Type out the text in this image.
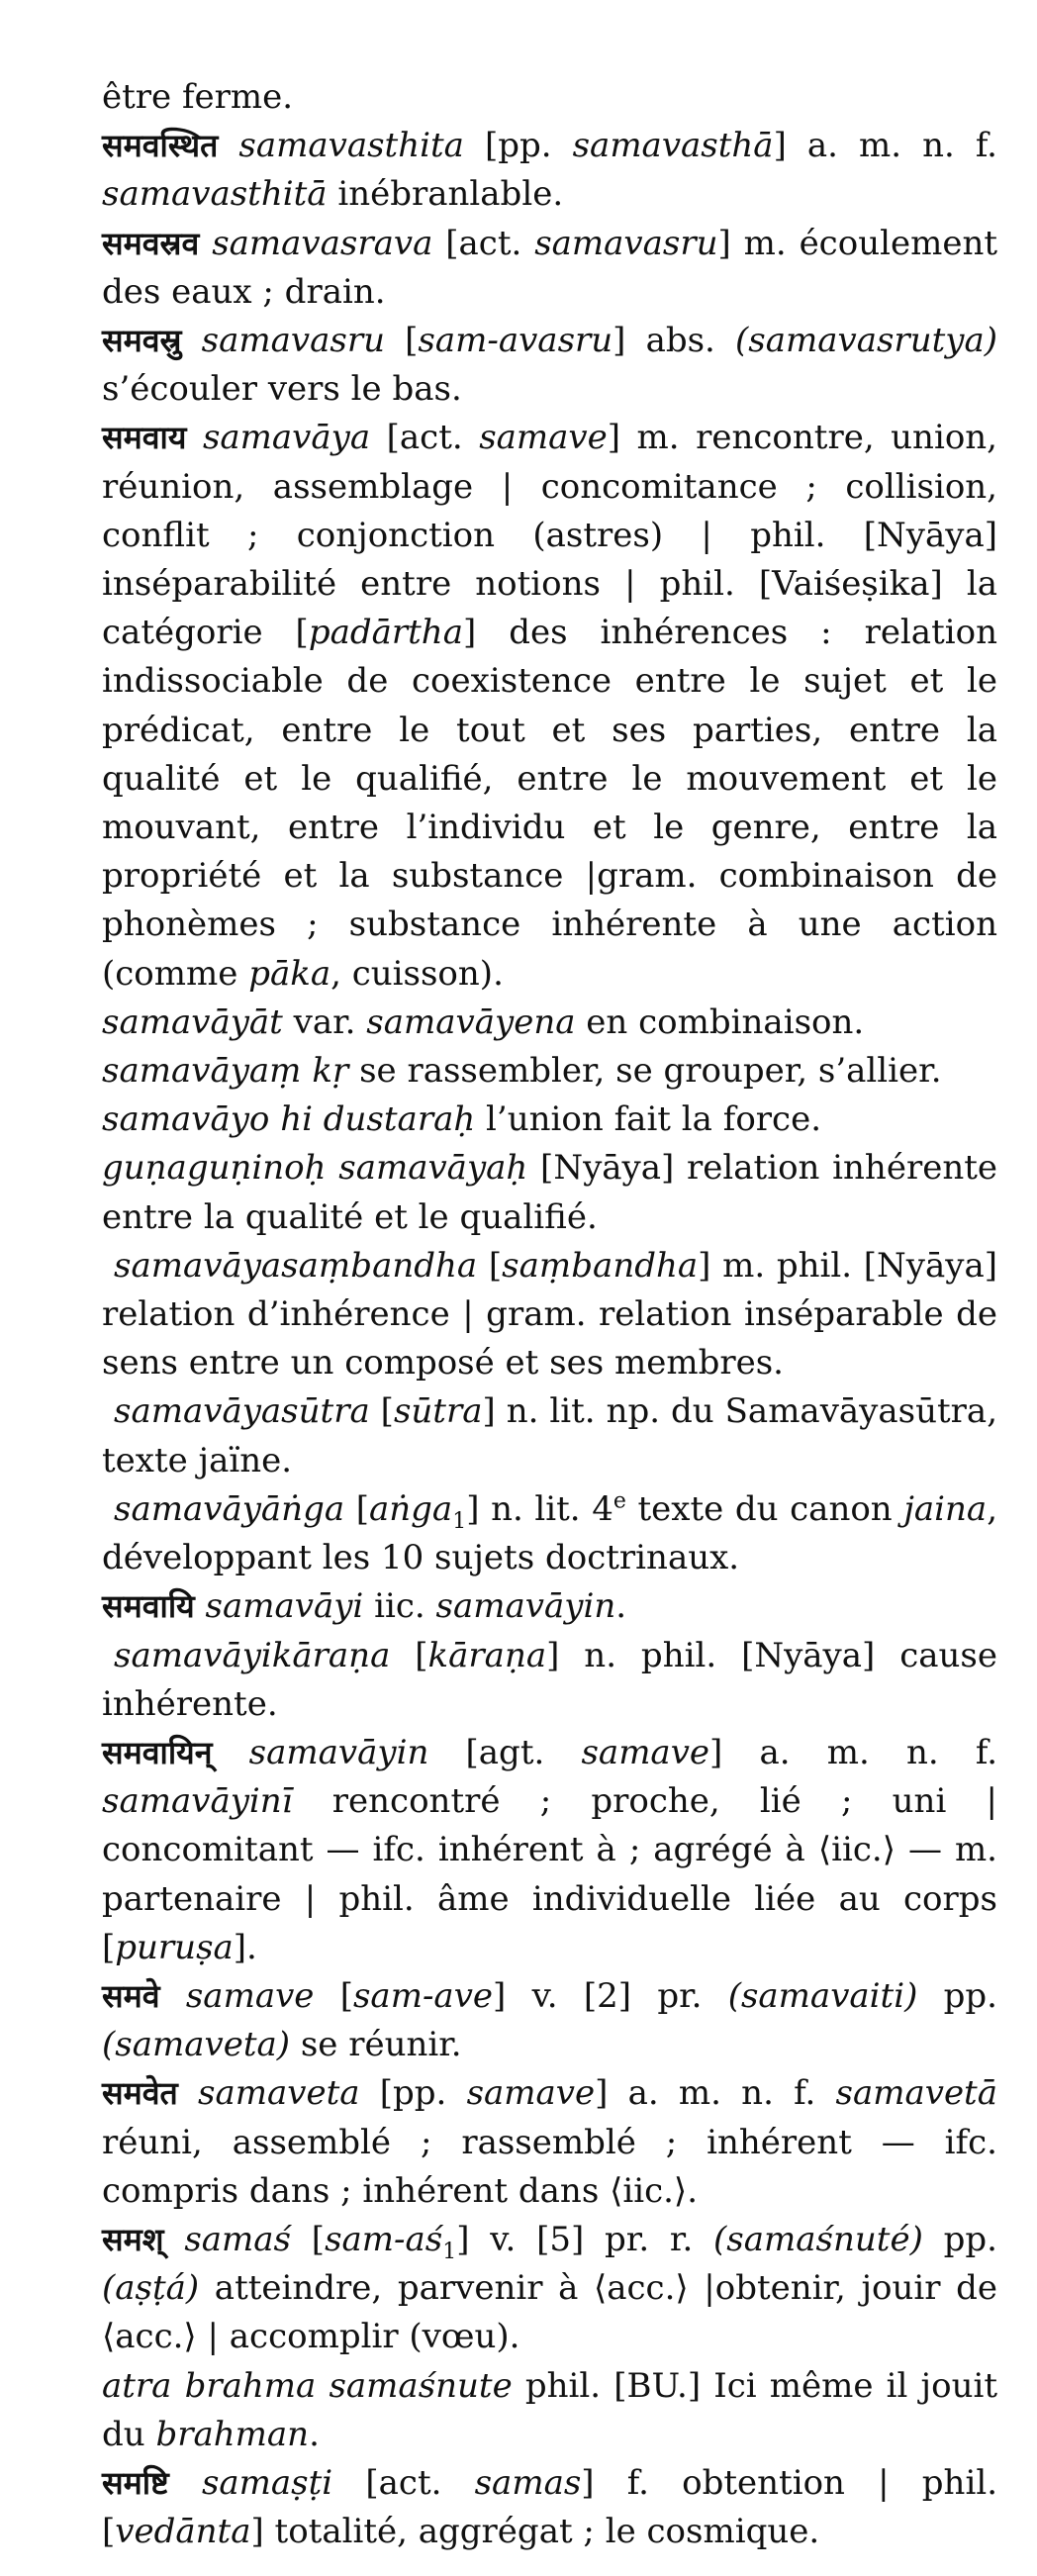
être ferme.
समवस्थित samavasthita [pp. samavasthā] a. m. n. f. samavasthitā inébranlable.
समवस्रव samavasrava [act. samavasru] m. écoulement des eaux ; drain.
समवस्रु samavasru [sam-avasru] abs. (samavasrutya) s’écouler vers le bas.
समवाय samavāya [act. samave] m. rencontre, union, réunion, assemblage | concomitance ; collision, conflit ; conjonction (astres) | phil. [Nyāya] inséparabilité entre notions | phil. [Vaiśeṣika] la catégorie [padārtha] des inhérences : relation indissociable de coexistence entre le sujet et le prédicat, entre le tout et ses parties, entre la qualité et le qualifié, entre le mouvement et le mouvant, entre l’individu et le genre, entre la propriété et la substance |gram. combinaison de phonèmes ; substance inhérente à une action (comme pāka, cuisson).
samavāyāt var. samavāyena en combinaison.
samavāyaṃ kṛ se rassembler, se grouper, s’allier.
samavāyo hi dustaraḥ l’union fait la force.
guṇaguṇinoḥ samavāyaḥ [Nyāya] relation inhérente entre la qualité et le qualifié.
samavāyasaṃbandha [saṃbandha] m. phil. [Nyāya] relation d’inhérence | gram. relation inséparable de sens entre un composé et ses membres.
samavāyasūtra [sūtra] n. lit. np. du Samavāyasūtra, texte jaïne.
samavāyāṅga [aṅga$_1$] n. lit. 4e texte du canon jaina, développant les 10 sujets doctrinaux.
समवायि samavāyi iic. samavāyin.
samavāyikāraṇa [kāraṇa] n. phil. [Nyāya] cause inhérente.
समवायिन् samavāyin [agt. samave] a. m. n. f. samavāyinī rencontré ; proche, lié ; uni | concomitant — ifc. inhérent à ; agrégé à ⟨iic.⟩ — m. partenaire | phil. âme individuelle liée au corps [puruṣa].
समवे samave [sam-ave] v. [2] pr. (samavaiti) pp. (samaveta) se réunir.
समवेत samaveta [pp. samave] a. m. n. f. samavetā réuni, assemblé ; rassemblé ; inhérent — ifc. compris dans ; inhérent dans ⟨iic.⟩.
समश् samaś $[sam-aś_1]$ v. [5] pr. r. (samaśnuté) pp. (aṣṭá) atteindre, parvenir à ⟨acc.⟩ |obtenir, jouir de ⟨acc.⟩ | accomplir (vœu).
atra brahma samaśnute phil. [BU.] Ici même il jouit du brahman.
समष्टि samaṣṭi [act. samas] f. obtention | phil. [vedānta] totalité, aggrégat ; le cosmique.
